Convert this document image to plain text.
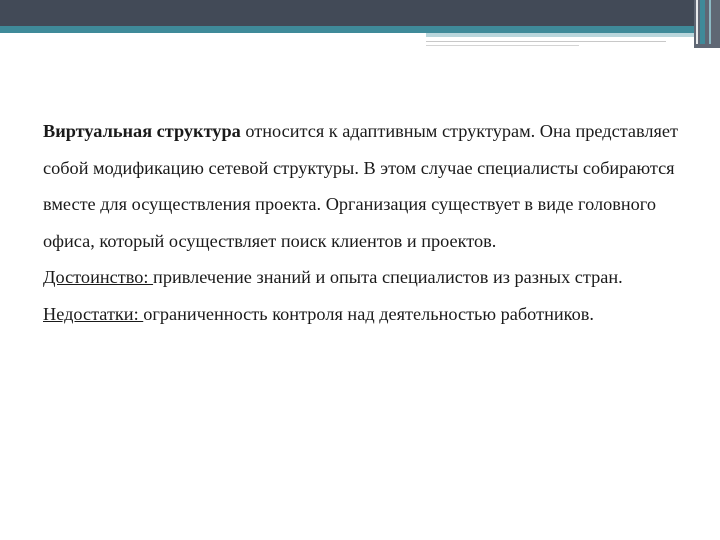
Виртуальная структура относится к адаптивным структурам. Она представляет собой модификацию сетевой структуры. В этом случае специалисты собираются вместе для осуществления проекта. Организация существует в виде головного офиса, который осуществляет поиск клиентов и проектов.

Достоинство: привлечение знаний и опыта специалистов из разных стран.

Недостатки: ограниченность контроля над деятельностью работников.
